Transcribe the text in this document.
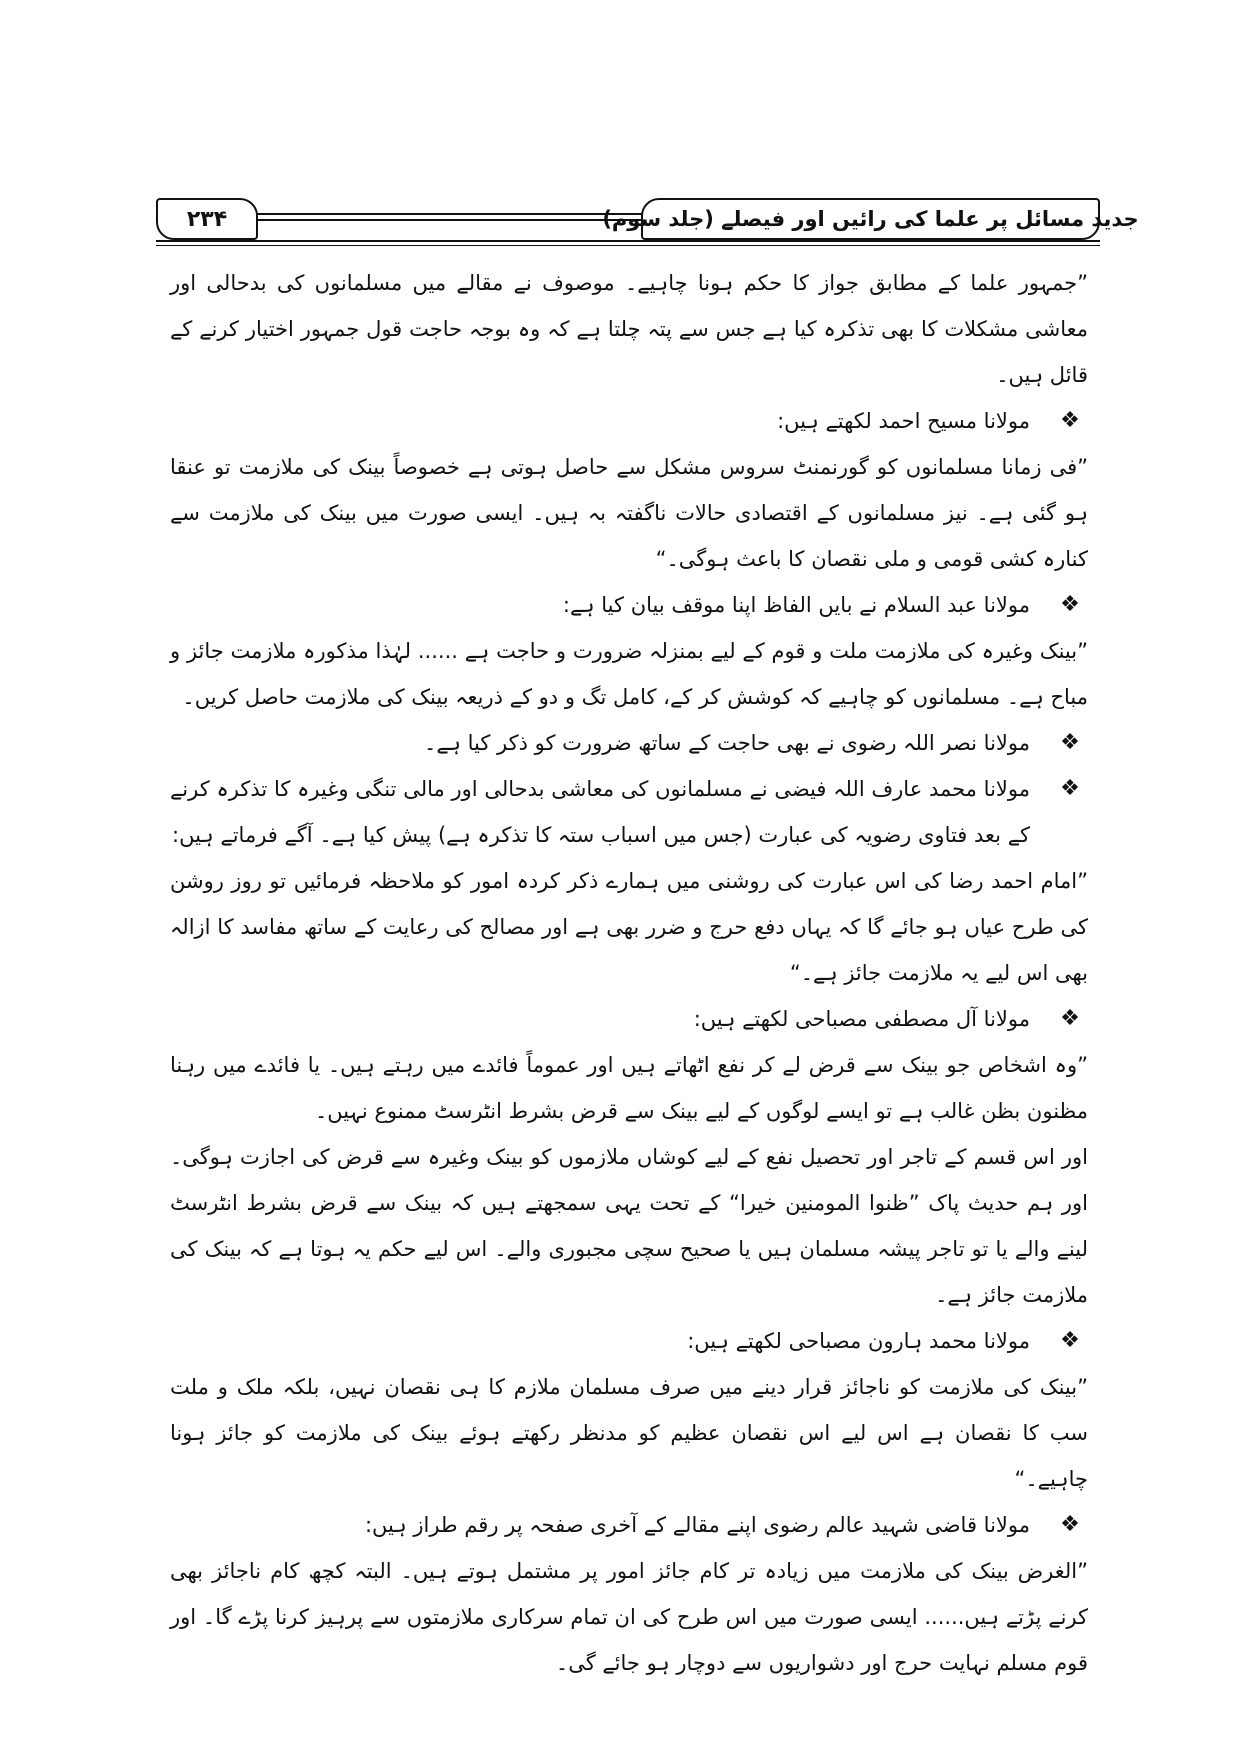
۲۳۴	جدید مسائل پر علما کی رائیں اور فیصلے (جلد سوم)

”جمہور علما کے مطابق جواز کا حکم ہونا چاہیے۔ موصوف نے مقالے میں مسلمانوں کی بدحالی اور معاشی مشکلات کا بھی تذکرہ کیا ہے جس سے پتہ چلتا ہے کہ وہ بوجہ حاجت قول جمہور اختیار کرنے کے قائل ہیں۔

❖
مولانا مسیح احمد لکھتے ہیں:

”فی زمانا مسلمانوں کو گورنمنٹ سروس مشکل سے حاصل ہوتی ہے خصوصاً بینک کی ملازمت تو عنقا ہو گئی ہے۔ نیز مسلمانوں کے اقتصادی حالات ناگفتہ بہ ہیں۔ ایسی صورت میں بینک کی ملازمت سے کنارہ کشی قومی و ملی نقصان کا باعث ہوگی۔“

❖
مولانا عبد السلام نے بایں الفاظ اپنا موقف بیان کیا ہے:

”بینک وغیرہ کی ملازمت ملت و قوم کے لیے بمنزلہ ضرورت و حاجت ہے ...... لہٰذا مذکورہ ملازمت جائز و مباح ہے۔ مسلمانوں کو چاہیے کہ کوشش کر کے، کامل تگ و دو کے ذریعہ بینک کی ملازمت حاصل کریں۔

❖
مولانا نصر اللہ رضوی نے بھی حاجت کے ساتھ ضرورت کو ذکر کیا ہے۔
❖
مولانا محمد عارف اللہ فیضی نے مسلمانوں کی معاشی بدحالی اور مالی تنگی وغیرہ کا تذکرہ کرنے کے بعد فتاوی رضویہ کی عبارت (جس میں اسباب ستہ کا تذکرہ ہے) پیش کیا ہے۔ آگے فرماتے ہیں:

”امام احمد رضا کی اس عبارت کی روشنی میں ہمارے ذکر کردہ امور کو ملاحظہ فرمائیں تو روز روشن کی طرح عیاں ہو جائے گا کہ یہاں دفع حرج و ضرر بھی ہے اور مصالح کی رعایت کے ساتھ مفاسد کا ازالہ بھی اس لیے یہ ملازمت جائز ہے۔“

❖
مولانا آل مصطفی مصباحی لکھتے ہیں:

”وہ اشخاص جو بینک سے قرض لے کر نفع اٹھاتے ہیں اور عموماً فائدے میں رہتے ہیں۔ یا فائدے میں رہنا مظنون بظن غالب ہے تو ایسے لوگوں کے لیے بینک سے قرض بشرط انٹرسٹ ممنوع نہیں۔

اور اس قسم کے تاجر اور تحصیل نفع کے لیے کوشاں ملازموں کو بینک وغیرہ سے قرض کی اجازت ہوگی۔ اور ہم حدیث پاک ”ظنوا المومنین خیرا“ کے تحت یہی سمجھتے ہیں کہ بینک سے قرض بشرط انٹرسٹ لینے والے یا تو تاجر پیشہ مسلمان ہیں یا صحیح سچی مجبوری والے۔ اس لیے حکم یہ ہوتا ہے کہ بینک کی ملازمت جائز ہے۔

❖
مولانا محمد ہارون مصباحی لکھتے ہیں:

”بینک کی ملازمت کو ناجائز قرار دینے میں صرف مسلمان ملازم کا ہی نقصان نہیں، بلکہ ملک و ملت سب کا نقصان ہے اس لیے اس نقصان عظیم کو مدنظر رکھتے ہوئے بینک کی ملازمت کو جائز ہونا چاہیے۔“

❖
مولانا قاضی شہید عالم رضوی اپنے مقالے کے آخری صفحہ پر رقم طراز ہیں:

”الغرض بینک کی ملازمت میں زیادہ تر کام جائز امور پر مشتمل ہوتے ہیں۔ البتہ کچھ کام ناجائز بھی کرنے پڑتے ہیں...... ایسی صورت میں اس طرح کی ان تمام سرکاری ملازمتوں سے پرہیز کرنا پڑے گا۔ اور قوم مسلم نہایت حرج اور دشواریوں سے دوچار ہو جائے گی۔
